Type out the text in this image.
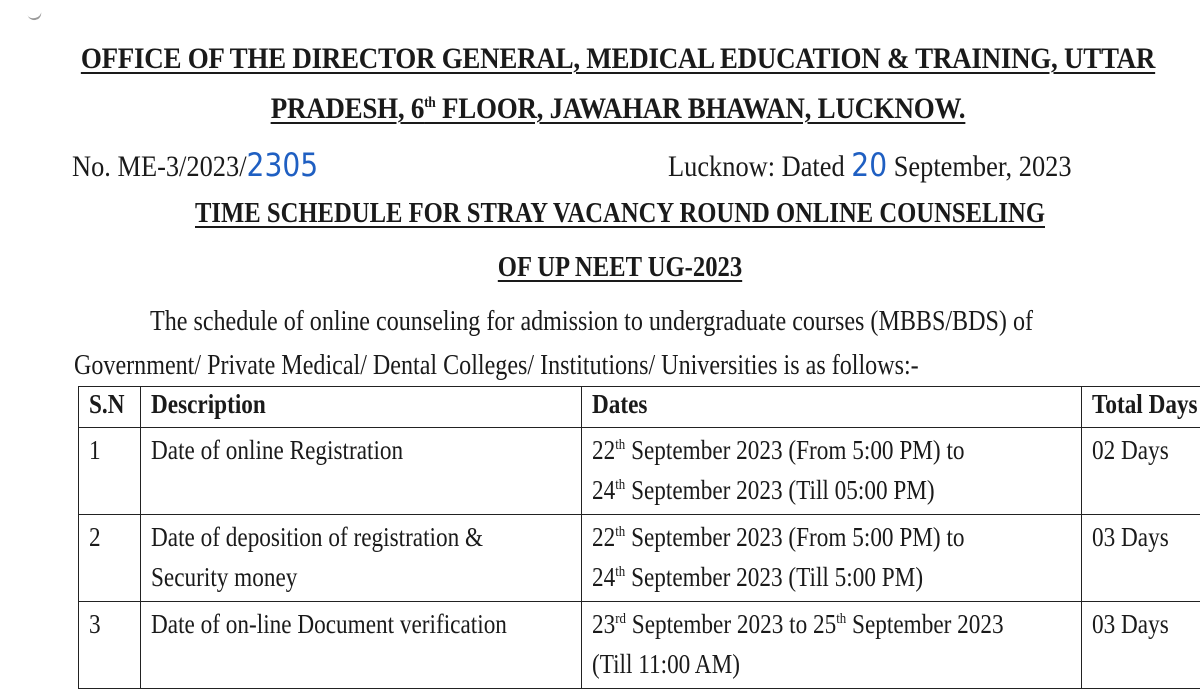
OFFICE OF THE DIRECTOR GENERAL, MEDICAL EDUCATION & TRAINING, UTTAR
PRADESH, 6th FLOOR, JAWAHAR BHAWAN, LUCKNOW.
No. ME-3/2023/2305	Lucknow: Dated 20 September, 2023
TIME SCHEDULE FOR STRAY VACANCY ROUND ONLINE COUNSELING
OF UP NEET UG-2023
The schedule of online counseling for admission to undergraduate courses (MBBS/BDS) of
Government/ Private Medical/ Dental Colleges/ Institutions/ Universities is as follows:-
S.N	Description	Dates	Total Days
1	Date of online Registration	22th September 2023 (From 5:00 PM) to
24th September 2023 (Till 05:00 PM)	02 Days
2	Date of deposition of registration & Security money	22th September 2023 (From 5:00 PM) to
24th September 2023 (Till 5:00 PM)	03 Days
3	Date of on-line Document verification	23rd September 2023 to 25th September 2023
(Till 11:00 AM)	03 Days
